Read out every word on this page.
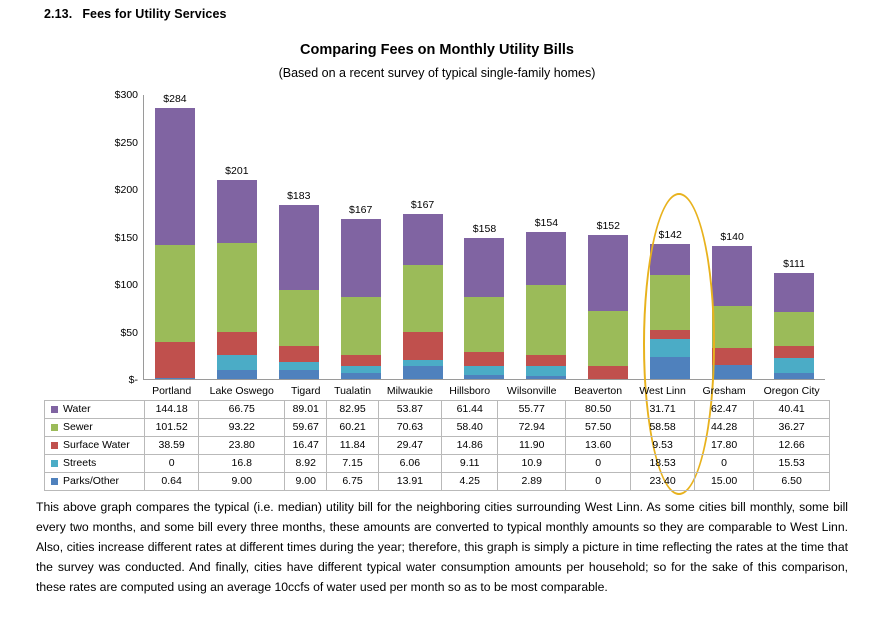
2.13. Fees for Utility Services
Comparing Fees on Monthly Utility Bills
(Based on a recent survey of typical single-family homes)
$-
$50
$100
$150
$200
$250
$300 $284
$201
$183
$167	$167
$158
$154	$152
$142	$140
$111
	Portland	Lake Oswego	Tigard	Tualatin	Milwaukie	Hillsboro	Wilsonville	Beaverton	West Linn	Gresham	Oregon City
Water	144.18	66.75	89.01	82.95	53.87	61.44	55.77	80.50	31.71	62.47	40.41
Sewer	101.52	93.22	59.67	60.21	70.63	58.40	72.94	57.50	58.58	44.28	36.27
Surface Water	38.59	23.80	16.47	11.84	29.47	14.86	11.90	13.60	9.53	17.80	12.66
Streets	0	16.8	8.92	7.15	6.06	9.11	10.9	0	18.53	0	15.53
Parks/Other	0.64	9.00	9.00	6.75	13.91	4.25	2.89	0	23.40	15.00	6.50
This above graph compares the typical (i.e. median) utility bill for the neighboring cities surrounding West Linn. As some cities bill monthly, some bill every two months, and some bill every three months, these amounts are converted to typical monthly amounts so they are comparable to West Linn. Also, cities increase different rates at different times during the year; therefore, this graph is simply a picture in time reflecting the rates at the time that the survey was conducted. And finally, cities have different typical water consumption amounts per household; so for the sake of this comparison, these rates are computed using an average 10ccfs of water used per month so as to be most comparable.
